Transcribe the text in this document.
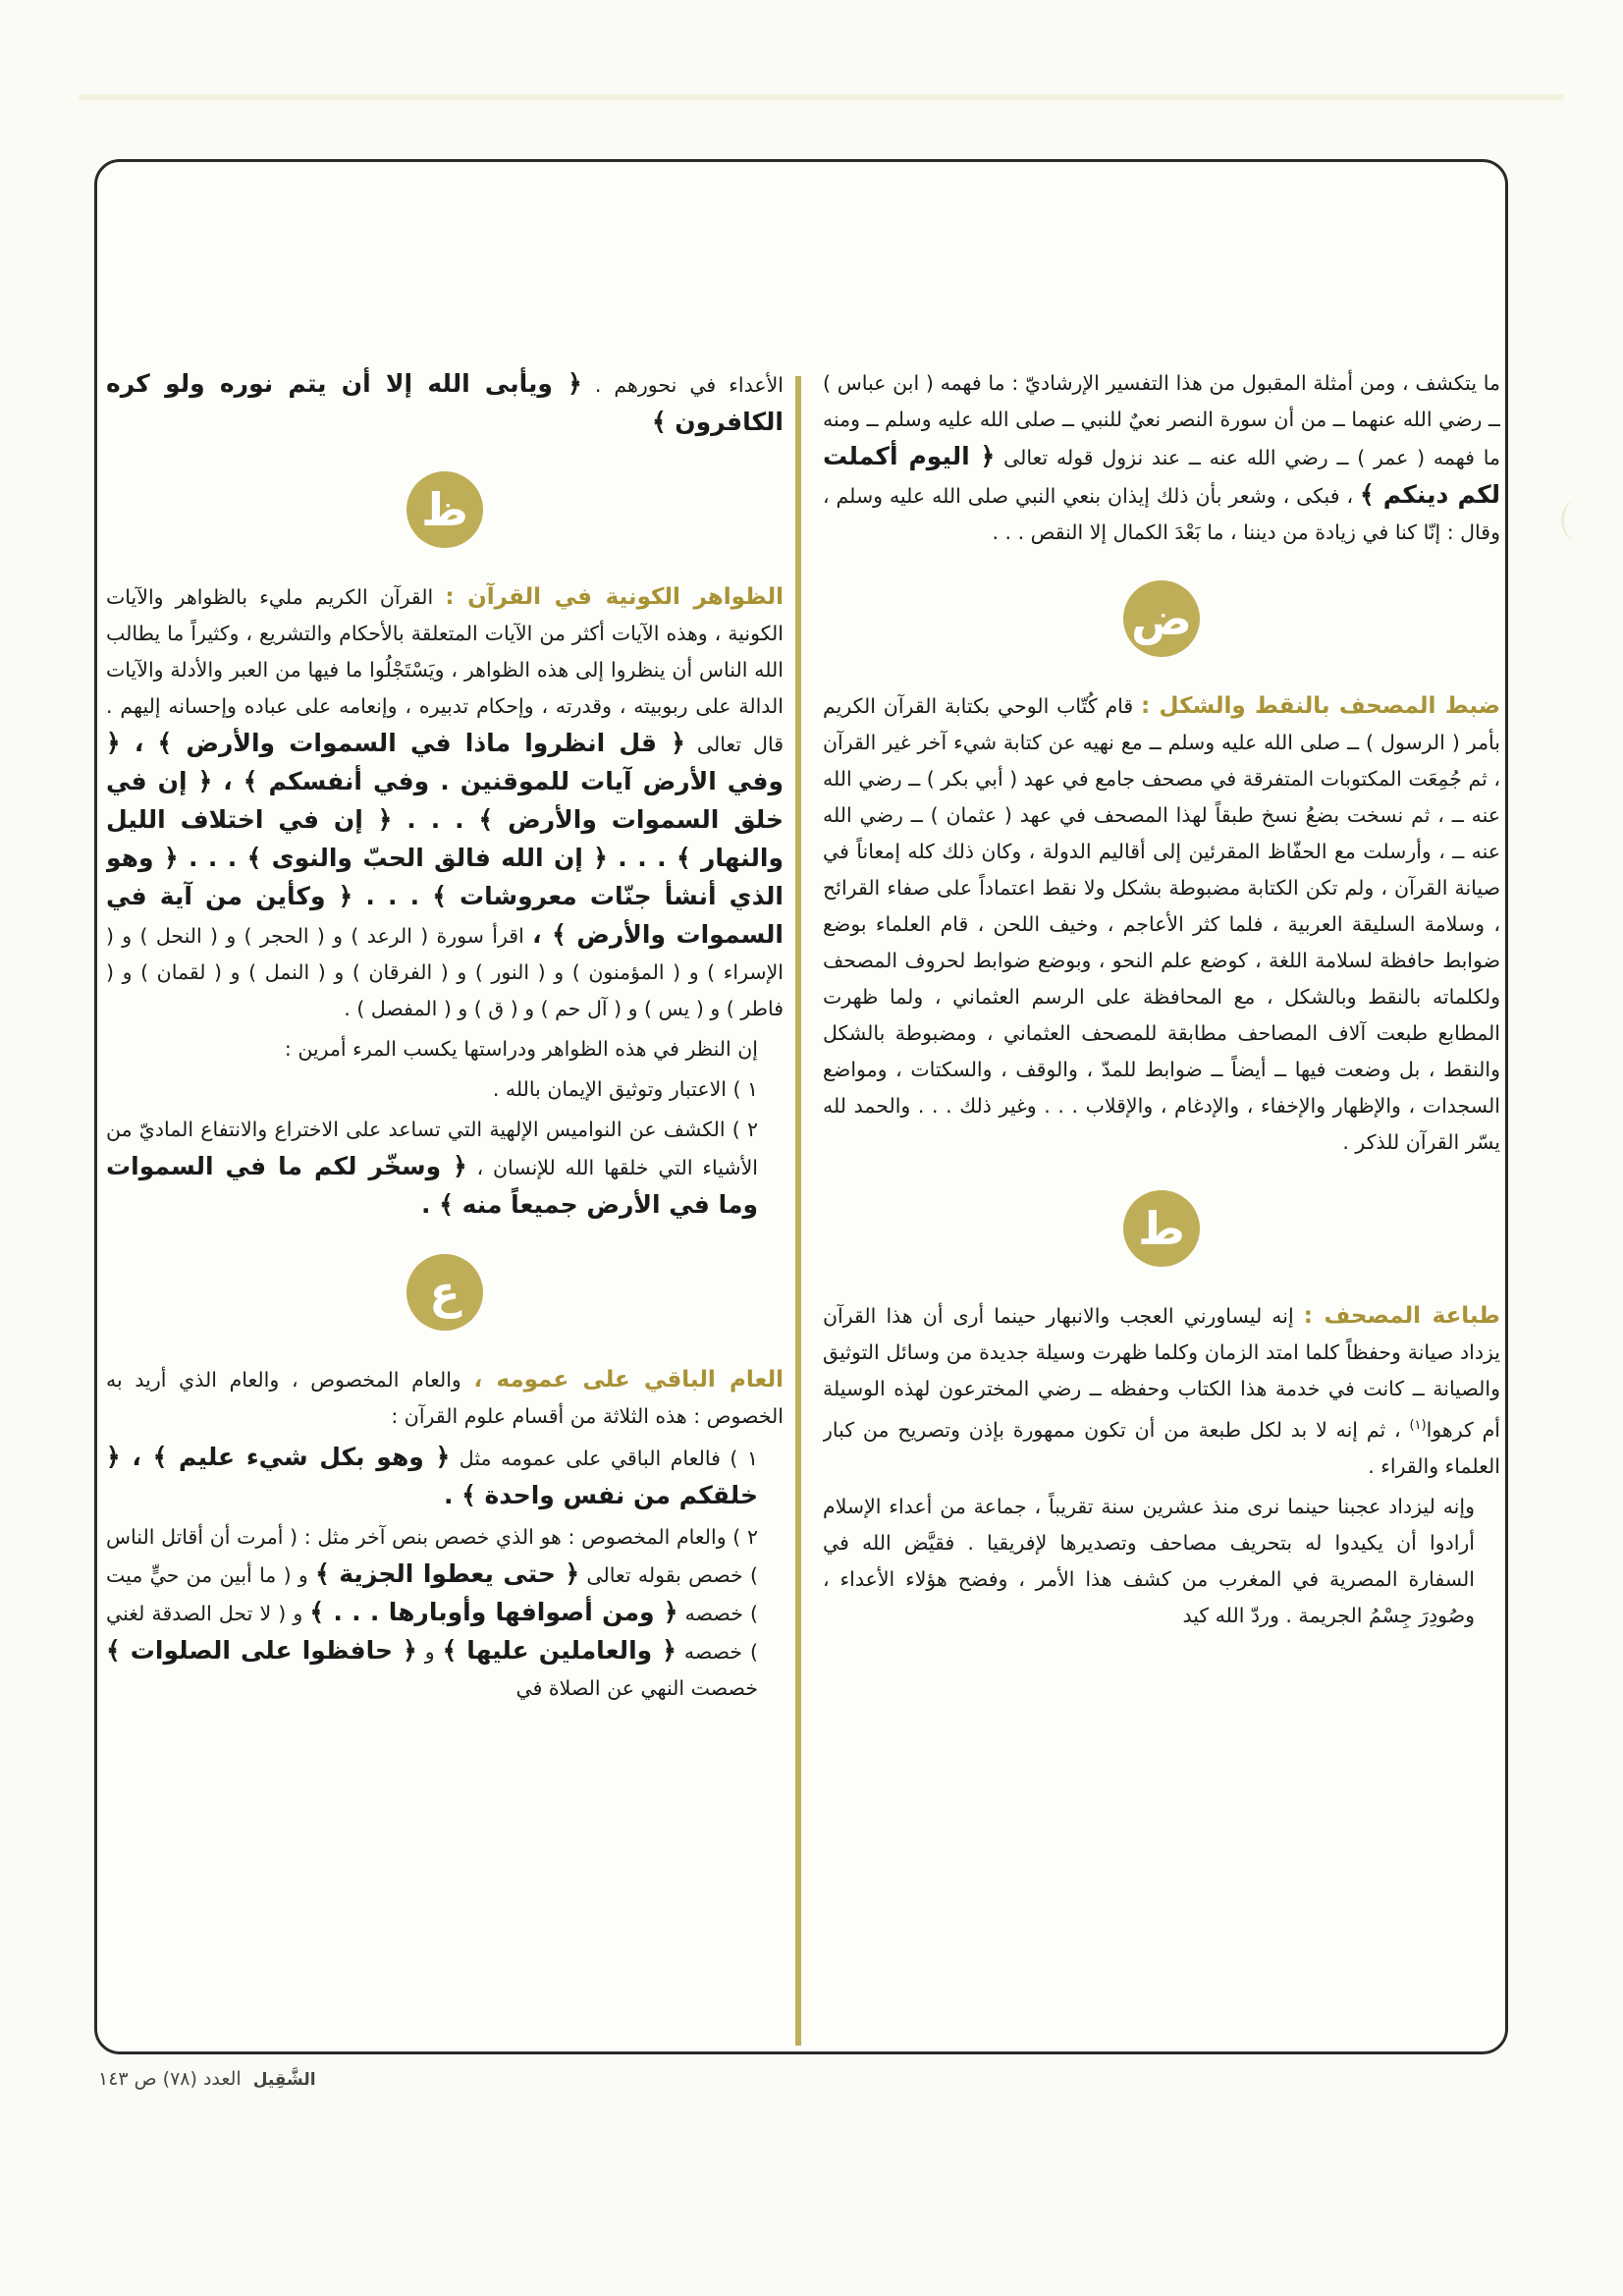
ما يتكشف ، ومن أمثلة المقبول من هذا التفسير الإرشاديّ : ما فهمه ( ابن عباس ) ــ رضي الله عنهما ــ من أن سورة النصر نعيٌ للنبي ــ صلى الله عليه وسلم ــ ومنه ما فهمه ( عمر ) ــ رضي الله عنه ــ عند نزول قوله تعالى ﴿ اليوم أكملت لكم دينكم ﴾ ، فبكى ، وشعر بأن ذلك إيذان بنعي النبي صلى الله عليه وسلم ، وقال : إنّا كنا في زيادة من ديننا ، ما بَعْدَ الكمال إلا النقص . . .

ض

ضبط المصحف بالنقط والشكل : قام كُتّاب الوحي بكتابة القرآن الكريم بأمر ( الرسول ) ــ صلى الله عليه وسلم ــ مع نهيه عن كتابة شيء آخر غير القرآن ، ثم جُمِعَت المكتوبات المتفرقة في مصحف جامع في عهد ( أبي بكر ) ــ رضي الله عنه ــ ، ثم نسخت بضعُ نسخ طبقاً لهذا المصحف في عهد ( عثمان ) ــ رضي الله عنه ــ ، وأرسلت مع الحفّاظ المقرئين إلى أقاليم الدولة ، وكان ذلك كله إمعاناً في صيانة القرآن ، ولم تكن الكتابة مضبوطة بشكل ولا نقط اعتماداً على صفاء القرائح ، وسلامة السليقة العربية ، فلما كثر الأعاجم ، وخيف اللحن ، قام العلماء بوضع ضوابط حافظة لسلامة اللغة ، كوضع علم النحو ، وبوضع ضوابط لحروف المصحف ولكلماته بالنقط وبالشكل ، مع المحافظة على الرسم العثماني ، ولما ظهرت المطابع طبعت آلاف المصاحف مطابقة للمصحف العثماني ، ومضبوطة بالشكل والنقط ، بل وضعت فيها ــ أيضاً ــ ضوابط للمدّ ، والوقف ، والسكتات ، ومواضع السجدات ، والإظهار والإخفاء ، والإدغام ، والإقلاب . . . وغير ذلك . . . والحمد لله يسّر القرآن للذكر .

ط

طباعة المصحف : إنه ليساورني العجب والانبهار حينما أرى أن هذا القرآن يزداد صيانة وحفظاً كلما امتد الزمان وكلما ظهرت وسيلة جديدة من وسائل التوثيق والصيانة ــ كانت في خدمة هذا الكتاب وحفظه ــ رضي المخترعون لهذه الوسيلة أم كرهوا$^{(١)}$ ، ثم إنه لا بد لكل طبعة من أن تكون ممهورة بإذن وتصريح من كبار العلماء والقراء .

وإنه ليزداد عجبنا حينما نرى منذ عشرين سنة تقريباً ، جماعة من أعداء الإسلام أرادوا أن يكيدوا له بتحريف مصاحف وتصديرها لإفريقيا . فقيَّض الله في السفارة المصرية في المغرب من كشف هذا الأمر ، وفضح هؤلاء الأعداء ، وصُودِرَ جِسْمُ الجريمة . وردّ الله كيد

الأعداء في نحورهم . ﴿ ويأبى الله إلا أن يتم نوره ولو كره الكافرون ﴾

ظ

الظواهر الكونية في القرآن : القرآن الكريم مليء بالظواهر والآيات الكونية ، وهذه الآيات أكثر من الآيات المتعلقة بالأحكام والتشريع ، وكثيراً ما يطالب الله الناس أن ينظروا إلى هذه الظواهر ، ويَسْتَجْلُوا ما فيها من العبر والأدلة والآيات الدالة على ربوبيته ، وقدرته ، وإحكام تدبيره ، وإنعامه على عباده وإحسانه إليهم . قال تعالى ﴿ قل انظروا ماذا في السموات والأرض ﴾ ، ﴿ وفي الأرض آيات للموقنين . وفي أنفسكم ﴾ ، ﴿ إن في خلق السموات والأرض ﴾ . . . ﴿ إن في اختلاف الليل والنهار ﴾ . . . ﴿ إن الله فالق الحبّ والنوى ﴾ . . . ﴿ وهو الذي أنشأ جنّات معروشات ﴾ . . . ﴿ وكأين من آية في السموات والأرض ﴾ ، اقرأ سورة ( الرعد ) و ( الحجر ) و ( النحل ) و ( الإسراء ) و ( المؤمنون ) و ( النور ) و ( الفرقان ) و ( النمل ) و ( لقمان ) و ( فاطر ) و ( يس ) و ( آل حم ) و ( ق ) و ( المفصل ) .

إن النظر في هذه الظواهر ودراستها يكسب المرء أمرين :

١ ) الاعتبار وتوثيق الإيمان بالله .

٢ ) الكشف عن النواميس الإلهية التي تساعد على الاختراع والانتفاع الماديّ من الأشياء التي خلقها الله للإنسان ، ﴿ وسخّر لكم ما في السموات وما في الأرض جميعاً منه ﴾ .

ع

العام الباقي على عمومه ، والعام المخصوص ، والعام الذي أريد به الخصوص : هذه الثلاثة من أقسام علوم القرآن :

١ ) فالعام الباقي على عمومه مثل ﴿ وهو بكل شيء عليم ﴾ ، ﴿ خلقكم من نفس واحدة ﴾ .

٢ ) والعام المخصوص : هو الذي خصص بنص آخر مثل : ( أمرت أن أقاتل الناس ) خصص بقوله تعالى ﴿ حتى يعطوا الجزية ﴾ و ( ما أبين من حيٍّ ميت ) خصصه ﴿ ومن أصوافها وأوبارها . . . ﴾ و ( لا تحل الصدقة لغني ) خصصه ﴿ والعاملين عليها ﴾ و ﴿ حافظوا على الصلوات ﴾ خصصت النهي عن الصلاة في

الشَّقِيل العدد (٧٨) ص ١٤٣
